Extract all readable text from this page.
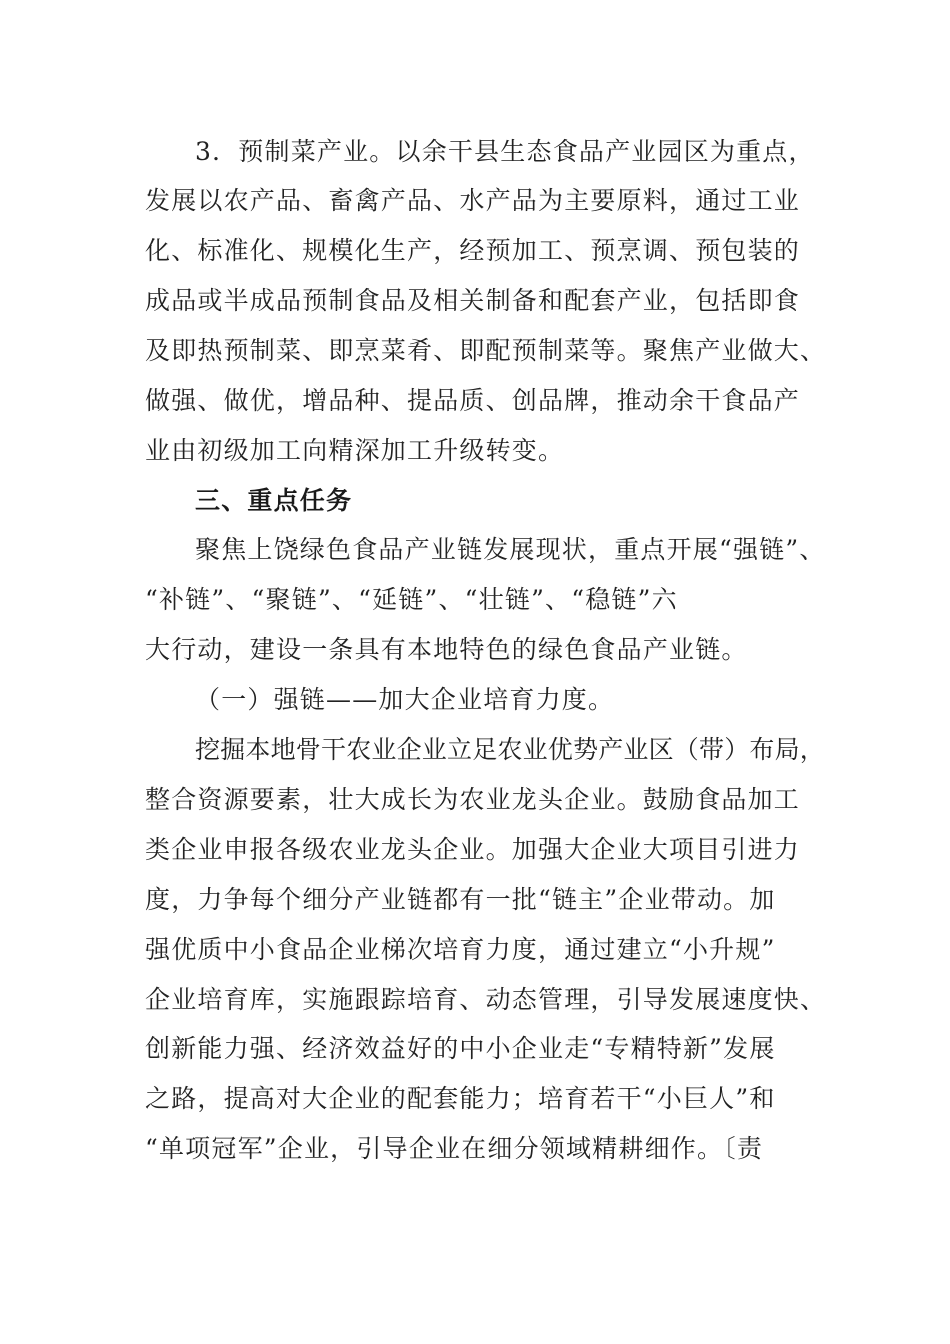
3．预制菜产业。以余干县生态食品产业园区为重点，
发展以农产品、畜禽产品、水产品为主要原料，通过工业
化、标准化、规模化生产，经预加工、预烹调、预包装的
成品或半成品预制食品及相关制备和配套产业，包括即食
及即热预制菜、即烹菜肴、即配预制菜等。聚焦产业做大、
做强、做优，增品种、提品质、创品牌，推动余干食品产
业由初级加工向精深加工升级转变。
三、重点任务
聚焦上饶绿色食品产业链发展现状，重点开展“强链”、
“补链”、“聚链”、“延链”、“壮链”、“稳链”六
大行动，建设一条具有本地特色的绿色食品产业链。
（一）强链——加大企业培育力度。
挖掘本地骨干农业企业立足农业优势产业区（带）布局，
整合资源要素，壮大成长为农业龙头企业。鼓励食品加工
类企业申报各级农业龙头企业。加强大企业大项目引进力
度，力争每个细分产业链都有一批“链主”企业带动。加
强优质中小食品企业梯次培育力度，通过建立“小升规”
企业培育库，实施跟踪培育、动态管理，引导发展速度快、
创新能力强、经济效益好的中小企业走“专精特新”发展
之路，提高对大企业的配套能力；培育若干“小巨人”和
“单项冠军”企业，引导企业在细分领域精耕细作。〔责
